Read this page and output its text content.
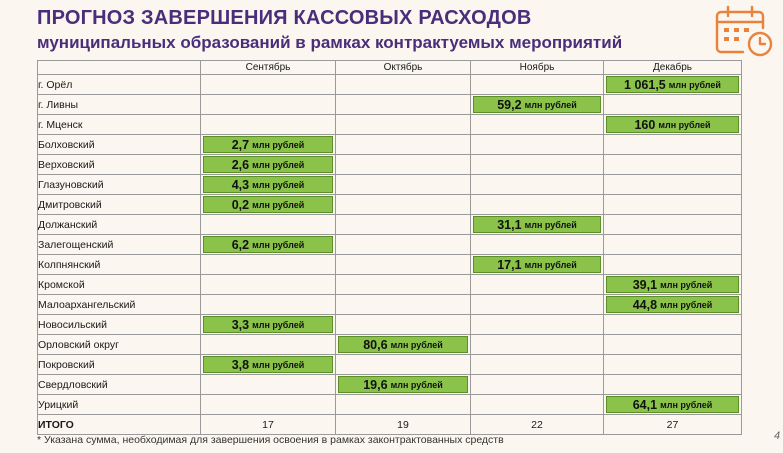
ПРОГНОЗ ЗАВЕРШЕНИЯ КАССОВЫХ РАСХОДОВ
муниципальных образований в рамках контрактуемых мероприятий
	Сентябрь	Октябрь	Ноябрь	Декабрь
г. Орёл				1 061,5 млн рублей

г. Ливны			59,2 млн рублей	

г. Мценск				160 млн рублей

Болховский	2,7 млн рублей			

Верховский	2,6 млн рублей			

Глазуновский	4,3 млн рублей			

Дмитровский	0,2 млн рублей			

Должанский			31,1 млн рублей	

Залегощенский	6,2 млн рублей			

Колпнянский			17,1 млн рублей	

Кромской				39,1 млн рублей

Малоархангельский				44,8 млн рублей

Новосильский	3,3 млн рублей			

Орловский округ		80,6 млн рублей		

Покровский	3,8 млн рублей			

Свердловский		19,6 млн рублей		

Урицкий				64,1 млн рублей

ИТОГО	17	19	22	27
* Указана сумма, необходимая для завершения освоения в рамках законтрактованных средств	4
